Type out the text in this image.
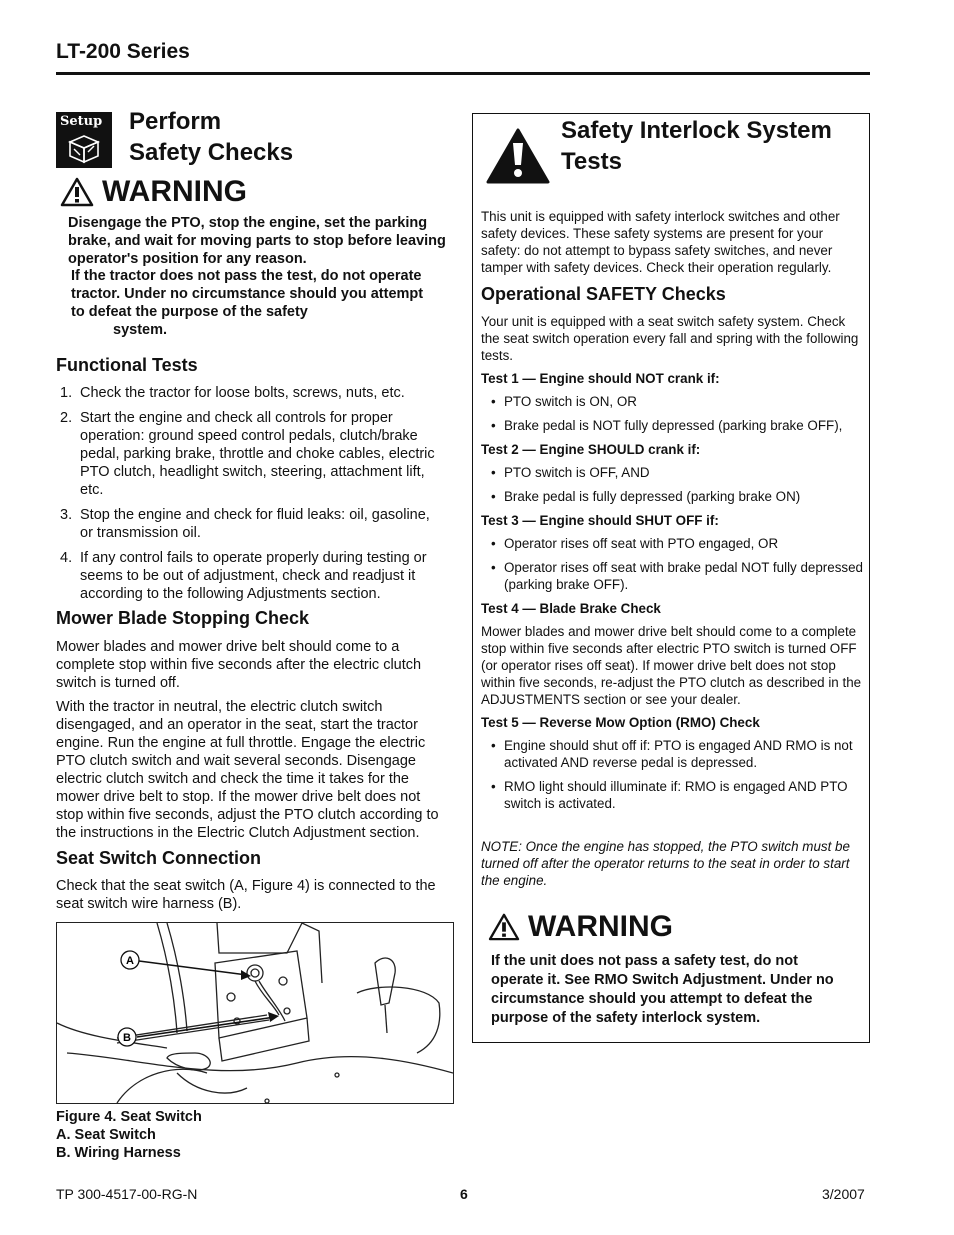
LT-200 Series
Setup Perform
Safety Checks
WARNING
Disengage the PTO, stop the engine, set the parking brake, and wait for moving parts to stop before leaving operator's position for any reason.
If the tractor does not pass the test, do not operate tractor. Under no circumstance should you attempt to defeat the purpose of the safety
system.
Functional Tests
1. Check the tractor for loose bolts, screws, nuts, etc.
2. Start the engine and check all controls for proper operation: ground speed control pedals, clutch/brake pedal, parking brake, throttle and choke cables, electric PTO clutch, headlight switch, steering, attachment lift, etc.
3. Stop the engine and check for fluid leaks: oil, gasoline, or transmission oil.
4. If any control fails to operate properly during testing or seems to be out of adjustment, check and readjust it according to the following Adjustments section.
Mower Blade Stopping Check
Mower blades and mower drive belt should come to a complete stop within five seconds after the electric clutch switch is turned off.
With the tractor in neutral, the electric clutch switch disengaged, and an operator in the seat, start the tractor engine. Run the engine at full throttle. Engage the electric PTO clutch switch and wait several seconds. Disengage electric clutch switch and check the time it takes for the mower drive belt to stop. If the mower drive belt does not stop within five seconds, adjust the PTO clutch according to the instructions in the Electric Clutch Adjustment section.
Seat Switch Connection
Check that the seat switch (A, Figure 4) is connected to the seat switch wire harness (B).
A
B
Figure 4. Seat Switch
A. Seat Switch
B. Wiring Harness
Safety Interlock System
Tests
This unit is equipped with safety interlock switches and other safety devices. These safety systems are present for your safety: do not attempt to bypass safety switches, and never tamper with safety devices. Check their operation regularly.
Operational SAFETY Checks
Your unit is equipped with a seat switch safety system. Check the seat switch operation every fall and spring with the following tests.
Test 1 — Engine should NOT crank if:
• PTO switch is ON, OR
• Brake pedal is NOT fully depressed (parking brake OFF),
Test 2 — Engine SHOULD crank if:
• PTO switch is OFF, AND
• Brake pedal is fully depressed (parking brake ON)
Test 3 — Engine should SHUT OFF if:
• Operator rises off seat with PTO engaged, OR
• Operator rises off seat with brake pedal NOT fully depressed (parking brake OFF).
Test 4 — Blade Brake Check
Mower blades and mower drive belt should come to a complete stop within five seconds after electric PTO switch is turned OFF (or operator rises off seat). If mower drive belt does not stop within five seconds, re-adjust the PTO clutch as described in the ADJUSTMENTS section or see your dealer.
Test 5 — Reverse Mow Option (RMO) Check
• Engine should shut off if: PTO is engaged AND RMO is not activated AND reverse pedal is depressed.
• RMO light should illuminate if: RMO is engaged AND PTO switch is activated.
NOTE: Once the engine has stopped, the PTO switch must be turned off after the operator returns to the seat in order to start the engine.
WARNING
If the unit does not pass a safety test, do not operate it. See RMO Switch Adjustment. Under no circumstance should you attempt to defeat the purpose of the safety interlock system.
TP 300-4517-00-RG-N	6	3/2007
